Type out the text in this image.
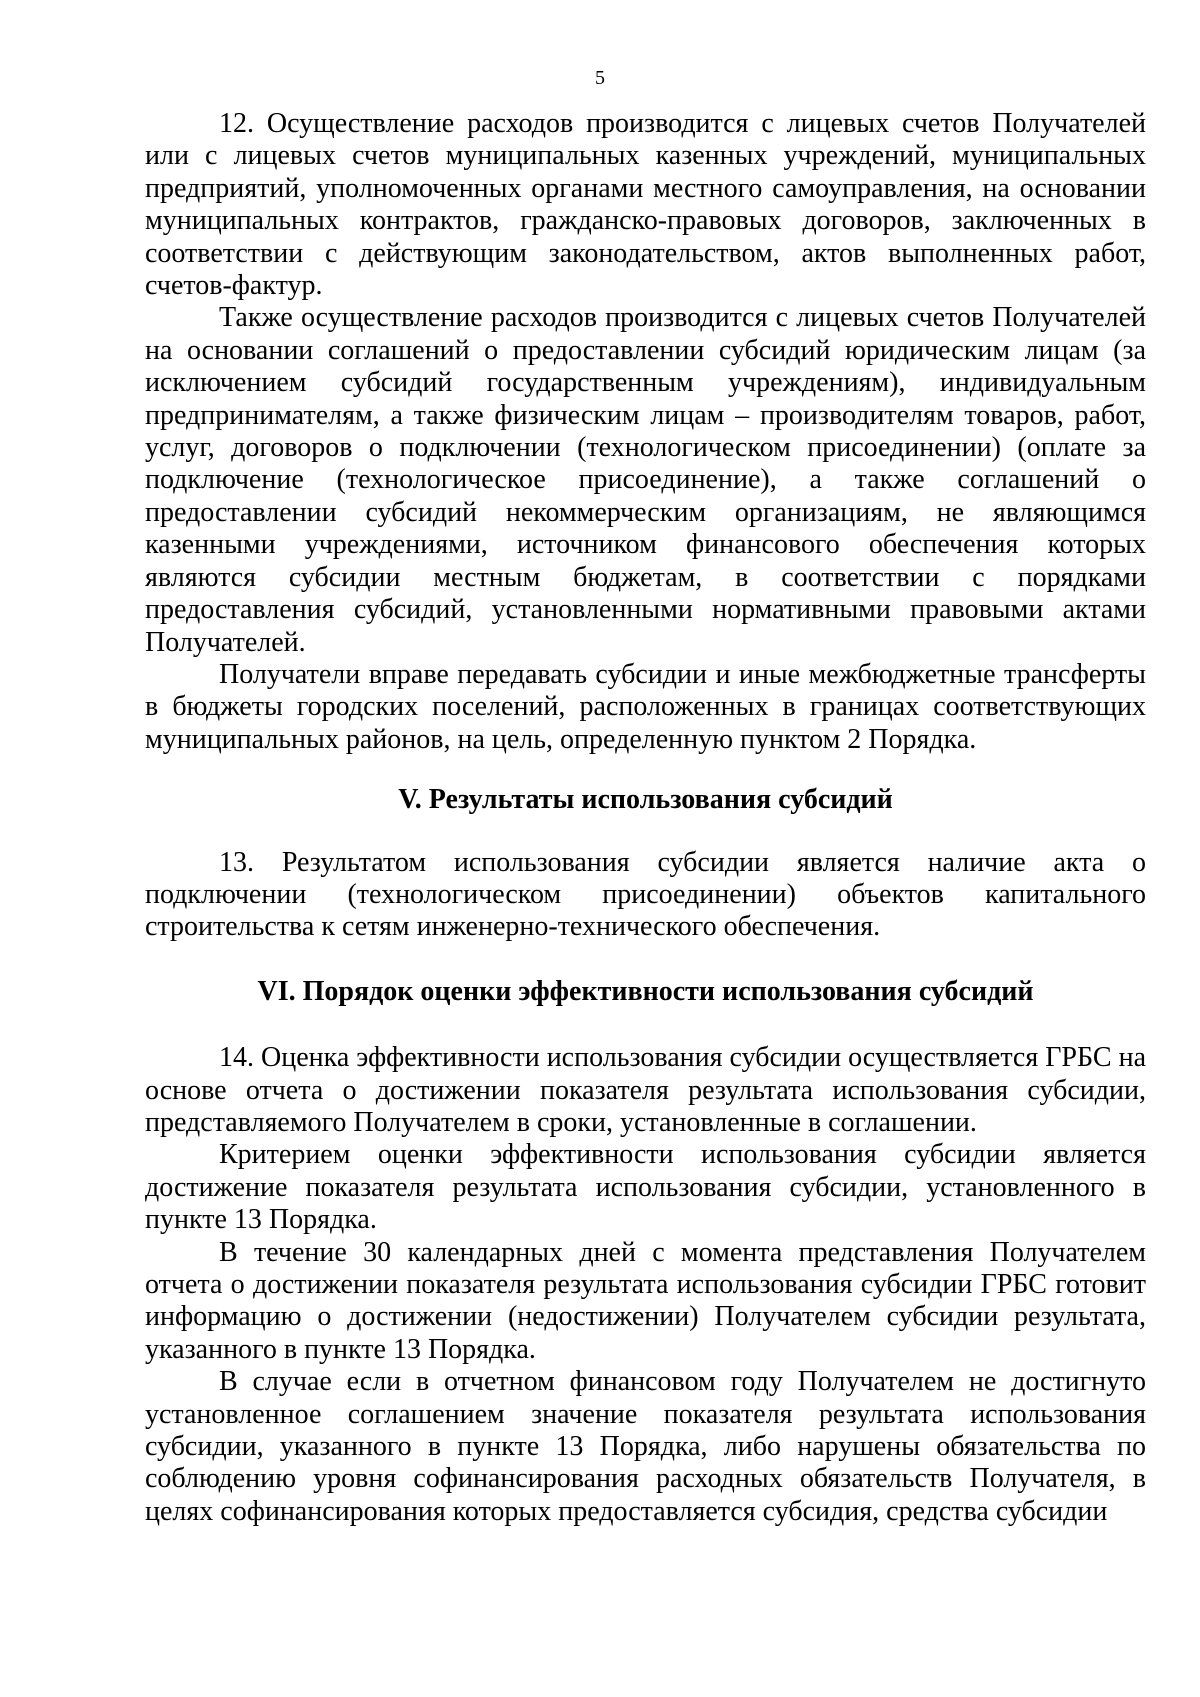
5

12. Осуществление расходов производится с лицевых счетов Получателей или с лицевых счетов муниципальных казенных учреждений, муниципальных предприятий, уполномоченных органами местного самоуправления, на основании муниципальных контрактов, гражданско-правовых договоров, заключенных в соответствии с действующим законодательством, актов выполненных работ, счетов-фактур.

Также осуществление расходов производится с лицевых счетов Получателей на основании соглашений о предоставлении субсидий юридическим лицам (за исключением субсидий государственным учреждениям), индивидуальным предпринимателям, а также физическим лицам – производителям товаров, работ, услуг, договоров о подключении (технологическом присоединении) (оплате за подключение (технологическое присоединение), а также соглашений о предоставлении субсидий некоммерческим организациям, не являющимся казенными учреждениями, источником финансового обеспечения которых являются субсидии местным бюджетам, в соответствии с порядками предоставления субсидий, установленными нормативными правовыми актами Получателей.

Получатели вправе передавать субсидии и иные межбюджетные трансферты в бюджеты городских поселений, расположенных в границах соответствующих муниципальных районов, на цель, определенную пунктом 2 Порядка.

V. Результаты использования субсидий

13. Результатом использования субсидии является наличие акта о подключении (технологическом присоединении) объектов капитального строительства к сетям инженерно-технического обеспечения.

VI. Порядок оценки эффективности использования субсидий

14. Оценка эффективности использования субсидии осуществляется ГРБС на основе отчета о достижении показателя результата использования субсидии, представляемого Получателем в сроки, установленные в соглашении.

Критерием оценки эффективности использования субсидии является достижение показателя результата использования субсидии, установленного в пункте 13 Порядка.

В течение 30 календарных дней с момента представления Получателем отчета о достижении показателя результата использования субсидии ГРБС готовит информацию о достижении (недостижении) Получателем субсидии результата, указанного в пункте 13 Порядка.

В случае если в отчетном финансовом году Получателем не достигнуто установленное соглашением значение показателя результата использования субсидии, указанного в пункте 13 Порядка, либо нарушены обязательства по соблюдению уровня софинансирования расходных обязательств Получателя, в целях софинансирования которых предоставляется субсидия, средства субсидии
